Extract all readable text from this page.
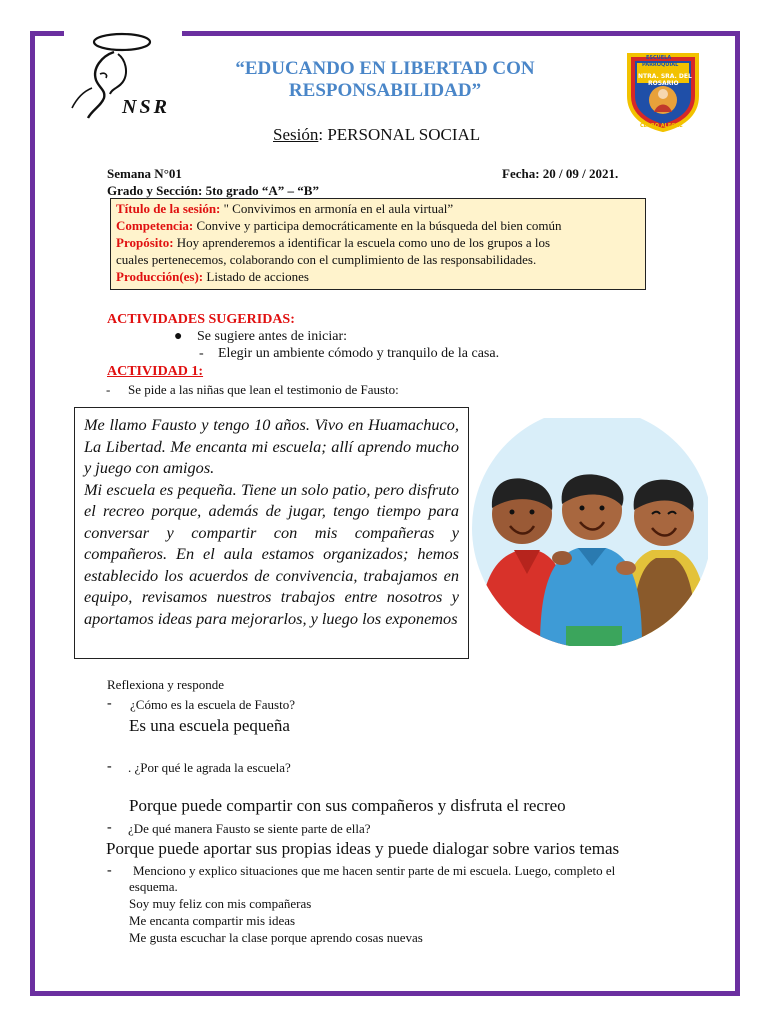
NSR
“EDUCANDO EN LIBERTAD CON
RESPONSABILIDAD”
ESCUELA
PARROQUIAL
NTRA. SRA. DEL
ROSARIO
CERRO ALEGRE
Sesión: PERSONAL SOCIAL
Semana N°01	Fecha: 20 / 09 / 2021.
Grado y Sección: 5to grado “A” – “B”
Título de la sesión: " Convivimos en armonía en el aula virtual”
Competencia: Convive y participa democráticamente en la búsqueda del bien común
Propósito: Hoy aprenderemos a identificar la escuela como uno de los grupos a los
cuales pertenecemos, colaborando con el cumplimiento de las responsabilidades.
Producción(es): Listado de acciones
ACTIVIDADES SUGERIDAS:
● Se sugiere antes de iniciar:
- Elegir un ambiente cómodo y tranquilo de la casa.
ACTIVIDAD 1:
- Se pide a las niñas que lean el testimonio de Fausto:

Me llamo Fausto y tengo 10 años. Vivo en Huamachuco, La Libertad. Me encanta mi escuela; allí aprendo mucho y juego con amigos.

Mi escuela es pequeña. Tiene un solo patio, pero disfruto el recreo porque, además de jugar, tengo tiempo para conversar y compartir con mis compañeras y compañeros. En el aula estamos organizados; hemos establecido los acuerdos de convivencia, trabajamos en equipo, revisamos nuestros trabajos entre nosotros y aportamos ideas para mejorarlos, y luego los exponemos

Reflexiona y responde
- ¿Cómo es la escuela de Fausto?
Es una escuela pequeña
- . ¿Por qué le agrada la escuela?
Porque puede compartir con sus compañeros y disfruta el recreo
- ¿De qué manera Fausto se siente parte de ella?
Porque puede aportar sus propias ideas y puede dialogar sobre varios temas
- Menciono y explico situaciones que me hacen sentir parte de mi escuela. Luego, completo el
esquema.
Soy muy feliz con mis compañeras
Me encanta compartir mis ideas
Me gusta escuchar la clase porque aprendo cosas nuevas
